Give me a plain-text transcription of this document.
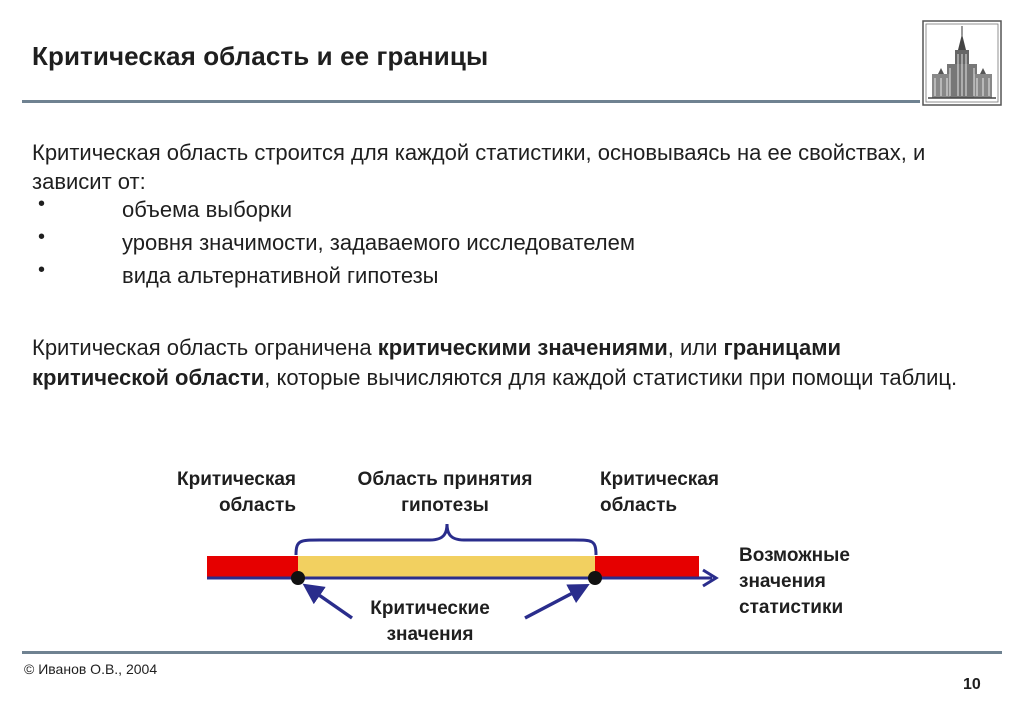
Критическая область и ее границы
Критическая область строится для каждой статистики, основываясь на ее свойствах, и зависит от:
•	объема выборки
•	уровня значимости, задаваемого исследователем
•	вида альтернативной гипотезы
Критическая область ограничена критическими значениями, или границами критической области, которые вычисляются для каждой статистики при помощи таблиц.
Критическая
область
Область принятия
гипотезы
Критическая
область
Возможные
значения
статистики
Критические
значения
© Иванов О.В., 2004
10
